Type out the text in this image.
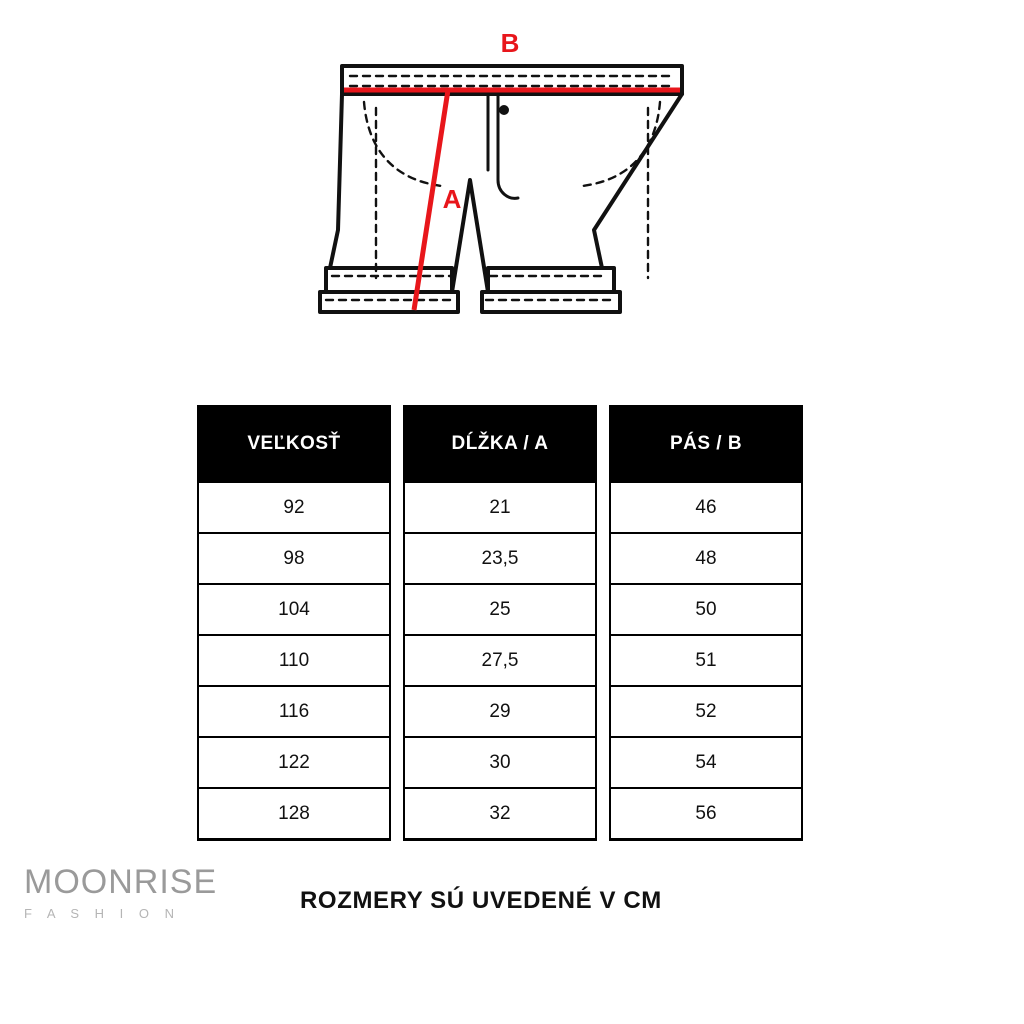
B
A
VEĽKOSŤ	DĹŽKA / A	PÁS / B
92	21	46
98	23,5	48
104	25	50
110	27,5	51
116	29	52
122	30	54
128	32	56
MOONRISE
F A S H I O N	ROZMERY SÚ UVEDENÉ V CM
